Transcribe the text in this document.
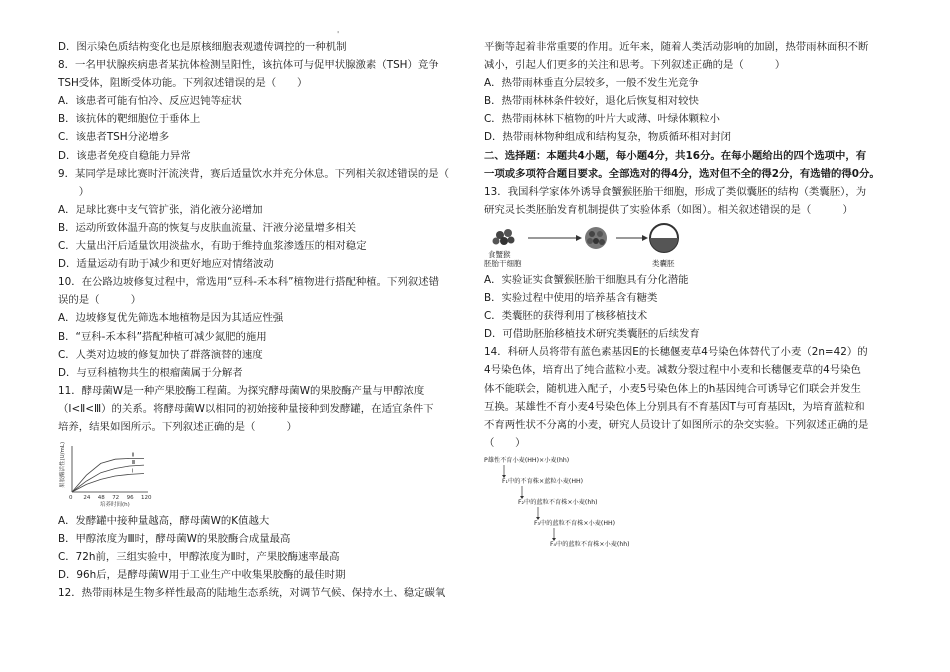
'

D．图示染色质结构变化也是原核细胞表观遗传调控的一种机制

8．一名甲状腺疾病患者某抗体检测呈阳性，该抗体可与促甲状腺激素（TSH）竞争

TSH受体，阻断受体功能。下列叙述错误的是（　　）

A．该患者可能有怕冷、反应迟钝等症状

B．该抗体的靶细胞位于垂体上

C．该患者TSH分泌增多

D．该患者免疫自稳能力异常

9．某同学是球比赛时汗流浃背，赛后适量饮水并充分休息。下列相关叙述错误的是（

　　）

A．足球比赛中支气管扩张，消化液分泌增加

B．运动所致体温升高的恢复与皮肤血流量、汗液分泌量增多相关

C．大量出汗后适量饮用淡盐水，有助于维持血浆渗透压的相对稳定

D．适量运动有助于减少和更好地应对情绪波动

10．在公路边坡修复过程中，常选用“豆科-禾本科”植物进行搭配种植。下列叙述错

误的是（　　　）

A．边坡修复优先筛选本地植物是因为其适应性强

B．“豆科-禾本科”搭配种植可减少氮肥的施用

C．人类对边坡的修复加快了群落演替的速度

D．与豆科植物共生的根瘤菌属于分解者

11．酵母菌W是一种产果胶酶工程菌。为探究酵母菌W的果胶酶产量与甲醇浓度

（Ⅰ<Ⅱ<Ⅲ）的关系。将酵母菌W以相同的初始接种量接种到发酵罐，在适宜条件下

培养，结果如图所示。下列叙述正确的是（　　　）

0 24 48 72 96 120
培养时间(h)
果胶酶活性(U/mL)	Ⅰ
Ⅱ
Ⅲ

A．发酵罐中接种量越高，酵母菌W的K值越大

B．甲醇浓度为Ⅲ时，酵母菌W的果胶酶合成量最高

C．72h前，三组实验中，甲醇浓度为Ⅱ时，产果胶酶速率最高

D．96h后，是酵母菌W用于工业生产中收集果胶酶的最佳时期

12．热带雨林是生物多样性最高的陆地生态系统，对调节气候、保持水土、稳定碳氧

平衡等起着非常重要的作用。近年来，随着人类活动影响的加剧，热带雨林面积不断

减小，引起人们更多的关注和思考。下列叙述正确的是（　　　）

A．热带雨林垂直分层较多，一般不发生光竞争

B．热带雨林林条件较好，退化后恢复相对较快

C．热带雨林林下植物的叶片大或薄、叶绿体颗粒小

D．热带雨林物种组成和结构复杂，物质循环相对封闭

二、选择题：本题共4小题，每小题4分，共16分。在每小题给出的四个选项中，有

一项或多项符合题目要求。全部选对的得4分，选对但不全的得2分，有选错的得0分。

13．我国科学家体外诱导食蟹猴胚胎干细胞，形成了类似囊胚的结构（类囊胚），为

研究灵长类胚胎发育机制提供了实验体系（如图）。相关叙述错误的是（　　　）

食蟹猴
胚胎干细胞	类囊胚

A．实验证实食蟹猴胚胎干细胞具有分化潜能

B．实验过程中使用的培养基含有糖类

C．类囊胚的获得利用了核移植技术

D．可借助胚胎移植技术研究类囊胚的后续发育

14．科研人员将带有蓝色素基因E的长穗偃麦草4号染色体替代了小麦（2n=42）的

4号染色体，培育出了纯合蓝粒小麦。减数分裂过程中小麦和长穗偃麦草的4号染色

体不能联会，随机进入配子，小麦5号染色体上的h基因纯合可诱导它们联会并发生

互换。某雄性不育小麦4号染色体上分别具有不育基因T与可育基因t，为培育蓝粒和

不育两性状不分离的小麦，研究人员设计了如图所示的杂交实验。下列叙述正确的是

（　　）

P雄性不育小麦(HH)×小麦(hh)
F₁中的不育株×蓝粒小麦(HH)
F₂中的蓝粒不育株×小麦(hh)
F₃中的蓝粒不育株×小麦(HH)
F₄中的蓝粒不育株×小麦(hh)
